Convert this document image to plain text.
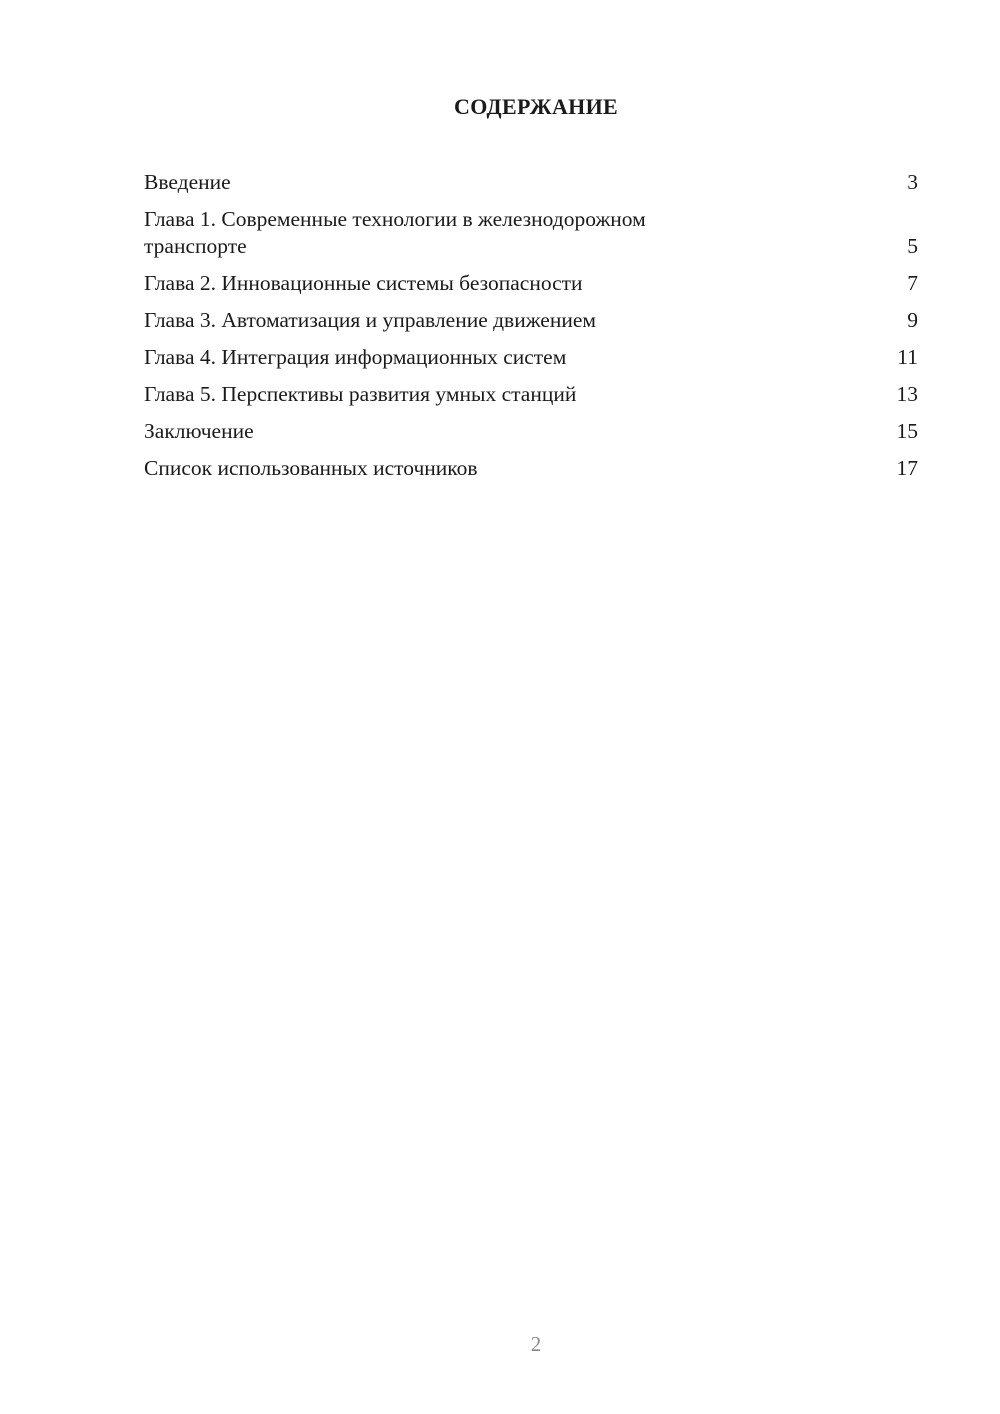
СОДЕРЖАНИЕ
Введение	3
Глава 1. Современные технологии в железнодорожном транспорте	5
Глава 2. Инновационные системы безопасности	7
Глава 3. Автоматизация и управление движением	9
Глава 4. Интеграция информационных систем	11
Глава 5. Перспективы развития умных станций	13
Заключение	15
Список использованных источников	17
2
